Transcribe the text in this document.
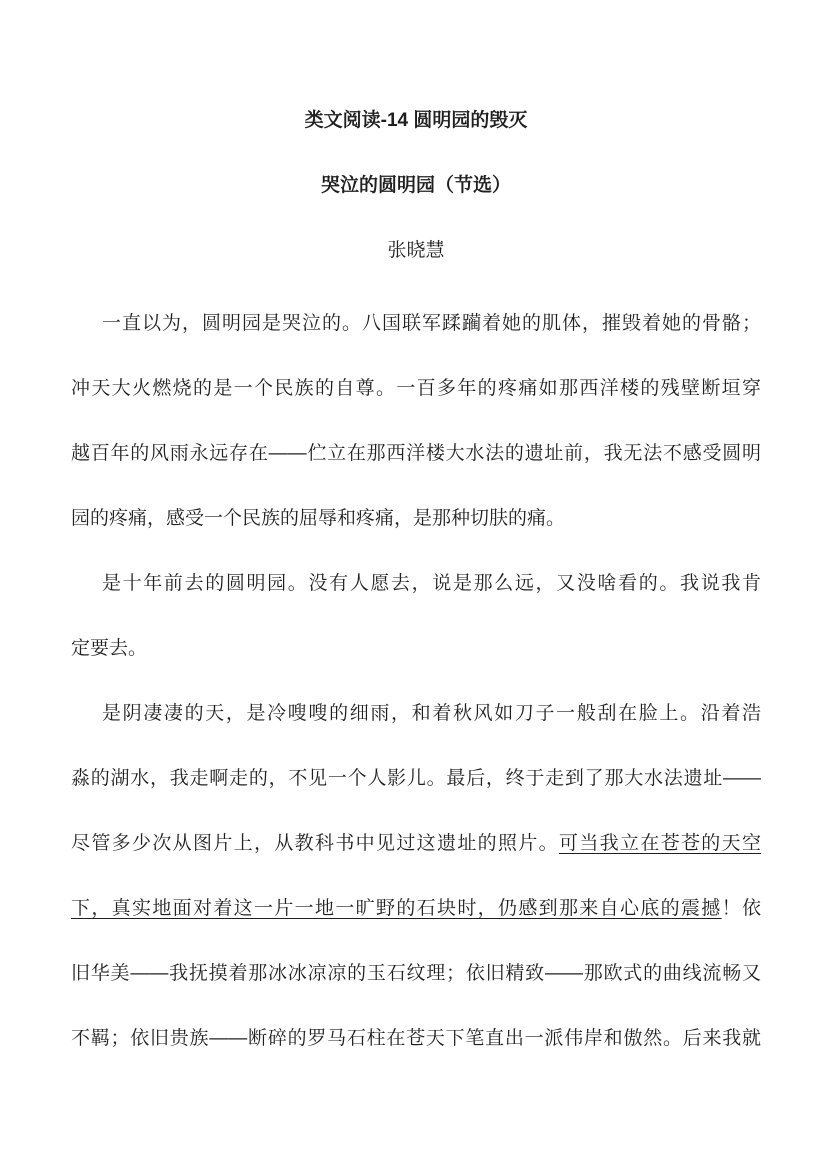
类文阅读-14 圆明园的毁灭
哭泣的圆明园（节选）
张晓慧
一直以为，圆明园是哭泣的。八国联军蹂躏着她的肌体，摧毁着她的骨骼；
冲天大火燃烧的是一个民族的自尊。一百多年的疼痛如那西洋楼的残壁断垣穿
越百年的风雨永远存在——伫立在那西洋楼大水法的遗址前，我无法不感受圆明
园的疼痛，感受一个民族的屈辱和疼痛，是那种切肤的痛。
是十年前去的圆明园。没有人愿去，说是那么远，又没啥看的。我说我肯
定要去。
是阴凄凄的天，是冷嗖嗖的细雨，和着秋风如刀子一般刮在脸上。沿着浩
淼的湖水，我走啊走的，不见一个人影儿。最后，终于走到了那大水法遗址——
尽管多少次从图片上，从教科书中见过这遗址的照片。可当我立在苍苍的天空
下，真实地面对着这一片一地一旷野的石块时，仍感到那来自心底的震撼！依
旧华美——我抚摸着那冰冰凉凉的玉石纹理；依旧精致——那欧式的曲线流畅又
不羁；依旧贵族——断碎的罗马石柱在苍天下笔直出一派伟岸和傲然。后来我就
